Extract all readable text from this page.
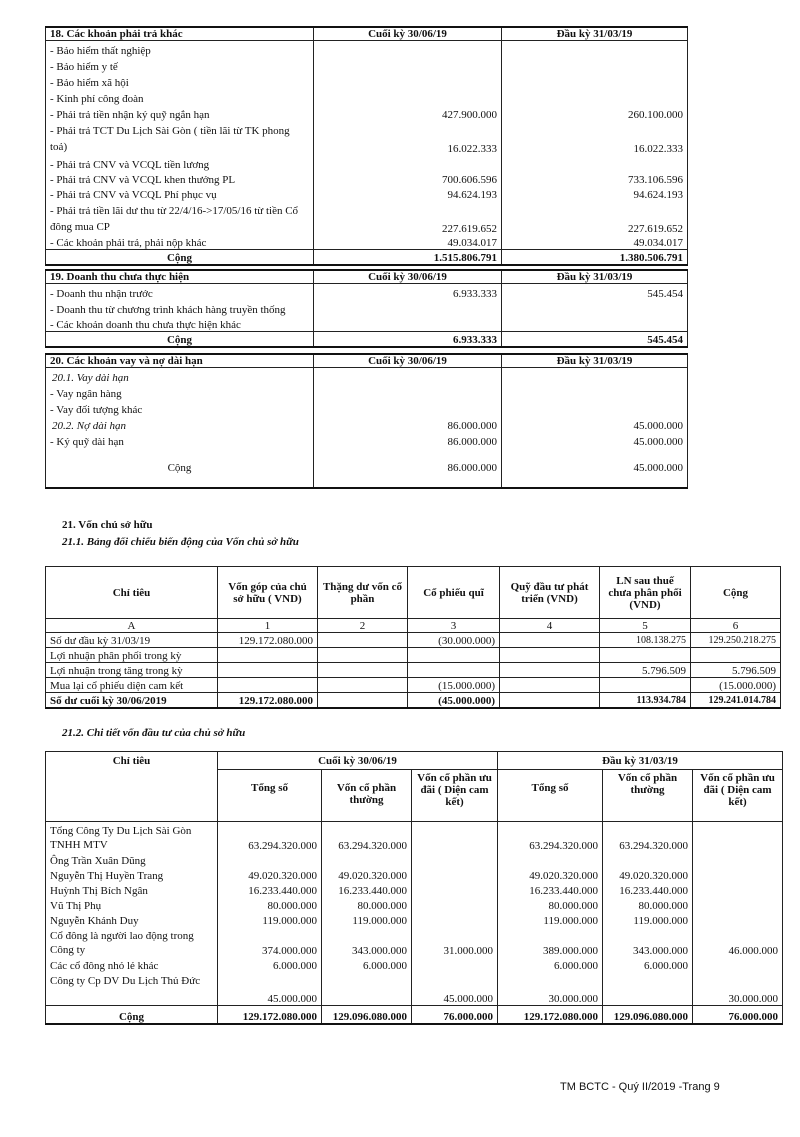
18. Các khoản phải trả khác	Cuối kỳ 30/06/19	Đầu kỳ 31/03/19
- Bảo hiểm thất nghiệp		
- Bảo hiểm y tế		
- Bảo hiểm xã hội		
- Kinh phí công đoàn		
- Phải trả tiền nhận ký quỹ ngắn hạn	427.900.000	260.100.000
- Phải trả TCT Du Lịch Sài Gòn ( tiền lãi từ TK phong toả)	16.022.333	16.022.333
- Phải trả CNV và VCQL tiền lương		
- Phải trả CNV và VCQL khen thưởng PL	700.606.596	733.106.596
- Phải trả CNV và VCQL Phí phục vụ	94.624.193	94.624.193
- Phải trả tiền lãi dư thu từ 22/4/16->17/05/16 từ tiền Cổ đông mua CP	227.619.652	227.619.652
- Các khoản phải trả, phải nộp khác	49.034.017	49.034.017
Cộng	1.515.806.791	1.380.506.791
19. Doanh thu chưa thực hiện	Cuối kỳ 30/06/19	Đầu kỳ 31/03/19
- Doanh thu nhận trước	6.933.333	545.454
- Doanh thu từ chương trình khách hàng truyền thống		
- Các khoản doanh thu chưa thực hiện khác		
Cộng	6.933.333	545.454
20. Các khoản vay và nợ dài hạn	Cuối kỳ 30/06/19	Đầu kỳ 31/03/19
20.1. Vay dài hạn		
- Vay ngân hàng		
- Vay đối tượng khác		
20.2. Nợ dài hạn	86.000.000	45.000.000
- Ký quỹ dài hạn	86.000.000	45.000.000
Cộng	86.000.000	45.000.000

21. Vốn chủ sở hữu
21.1. Bảng đối chiếu biến động của Vốn chủ sở hữu
Chỉ tiêu	Vốn góp của chủ sở hữu ( VND)	Thặng dư vốn cổ phần	Cổ phiếu quĩ	Quỹ đầu tư phát triển (VND)	LN sau thuế chưa phân phối (VND)	Cộng
A	1	2	3	4	5	6
Số dư đầu kỳ 31/03/19	129.172.080.000		(30.000.000)		108.138.275	129.250.218.275
Lợi nhuận phân phối trong kỳ						
Lợi nhuận trong tăng trong kỳ					5.796.509	5.796.509
Mua lại cổ phiếu diện cam kết			(15.000.000)			(15.000.000)
Số dư cuối kỳ 30/06/2019	129.172.080.000		(45.000.000)		113.934.784	129.241.014.784
21.2. Chi tiết vốn đầu tư của chủ sở hữu
Chỉ tiêu	Cuối kỳ 30/06/19			Đầu kỳ 31/03/19		
	Tổng số	Vốn cổ phần thường	Vốn cổ phần ưu đãi ( Diện cam kết)	Tổng số	Vốn cổ phần thường	Vốn cổ phần ưu đãi ( Diện cam kết)
Tổng Công Ty Du Lịch Sài Gòn TNHH MTV	63.294.320.000	63.294.320.000		63.294.320.000	63.294.320.000	
Ông Trần Xuân Dũng						
Nguyễn Thị Huyền Trang	49.020.320.000	49.020.320.000		49.020.320.000	49.020.320.000	
Huỳnh Thị Bích Ngân	16.233.440.000	16.233.440.000		16.233.440.000	16.233.440.000	
Vũ Thị Phụ	80.000.000	80.000.000		80.000.000	80.000.000	
Nguyễn Khánh Duy	119.000.000	119.000.000		119.000.000	119.000.000	
Cổ đông là người lao động trong Công ty	374.000.000	343.000.000	31.000.000	389.000.000	343.000.000	46.000.000
Các cổ đông nhỏ lẻ khác	6.000.000	6.000.000		6.000.000	6.000.000	
Công ty Cp DV Du Lịch Thủ Đức	45.000.000		45.000.000	30.000.000		30.000.000
Cộng	129.172.080.000	129.096.080.000	76.000.000	129.172.080.000	129.096.080.000	76.000.000
TM BCTC - Quý II/2019 -Trang 9
